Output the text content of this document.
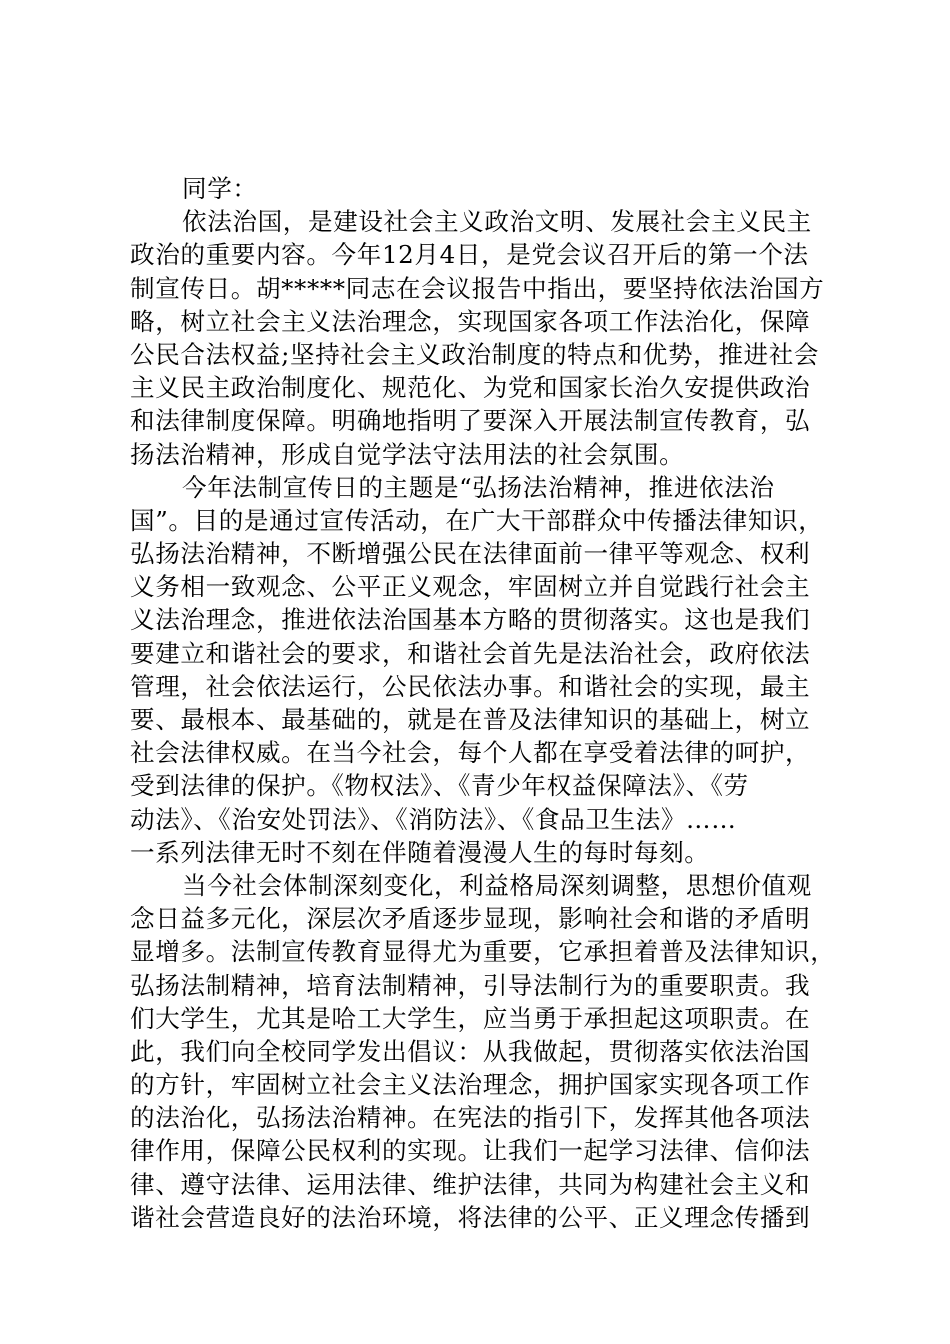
同学：
依法治国，是建设社会主义政治文明、发展社会主义民主
政治的重要内容。今年12月4日，是党会议召开后的第一个法
制宣传日。胡*****同志在会议报告中指出，要坚持依法治国方
略，树立社会主义法治理念，实现国家各项工作法治化，保障
公民合法权益;坚持社会主义政治制度的特点和优势，推进社会
主义民主政治制度化、规范化、为党和国家长治久安提供政治
和法律制度保障。明确地指明了要深入开展法制宣传教育，弘
扬法治精神，形成自觉学法守法用法的社会氛围。
今年法制宣传日的主题是“弘扬法治精神，推进依法治
国”。目的是通过宣传活动，在广大干部群众中传播法律知识，
弘扬法治精神，不断增强公民在法律面前一律平等观念、权利
义务相一致观念、公平正义观念，牢固树立并自觉践行社会主
义法治理念，推进依法治国基本方略的贯彻落实。这也是我们
要建立和谐社会的要求，和谐社会首先是法治社会，政府依法
管理，社会依法运行，公民依法办事。和谐社会的实现，最主
要、最根本、最基础的，就是在普及法律知识的基础上，树立
社会法律权威。在当今社会，每个人都在享受着法律的呵护，
受到法律的保护。《物权法》、《青少年权益保障法》、《劳
动法》、《治安处罚法》、《消防法》、《食品卫生法》……
一系列法律无时不刻在伴随着漫漫人生的每时每刻。
当今社会体制深刻变化，利益格局深刻调整，思想价值观
念日益多元化，深层次矛盾逐步显现，影响社会和谐的矛盾明
显增多。法制宣传教育显得尤为重要，它承担着普及法律知识，
弘扬法制精神，培育法制精神，引导法制行为的重要职责。我
们大学生，尤其是哈工大学生，应当勇于承担起这项职责。在
此，我们向全校同学发出倡议：从我做起，贯彻落实依法治国
的方针，牢固树立社会主义法治理念，拥护国家实现各项工作
的法治化，弘扬法治精神。在宪法的指引下，发挥其他各项法
律作用，保障公民权利的实现。让我们一起学习法律、信仰法
律、遵守法律、运用法律、维护法律，共同为构建社会主义和
谐社会营造良好的法治环境，将法律的公平、正义理念传播到
